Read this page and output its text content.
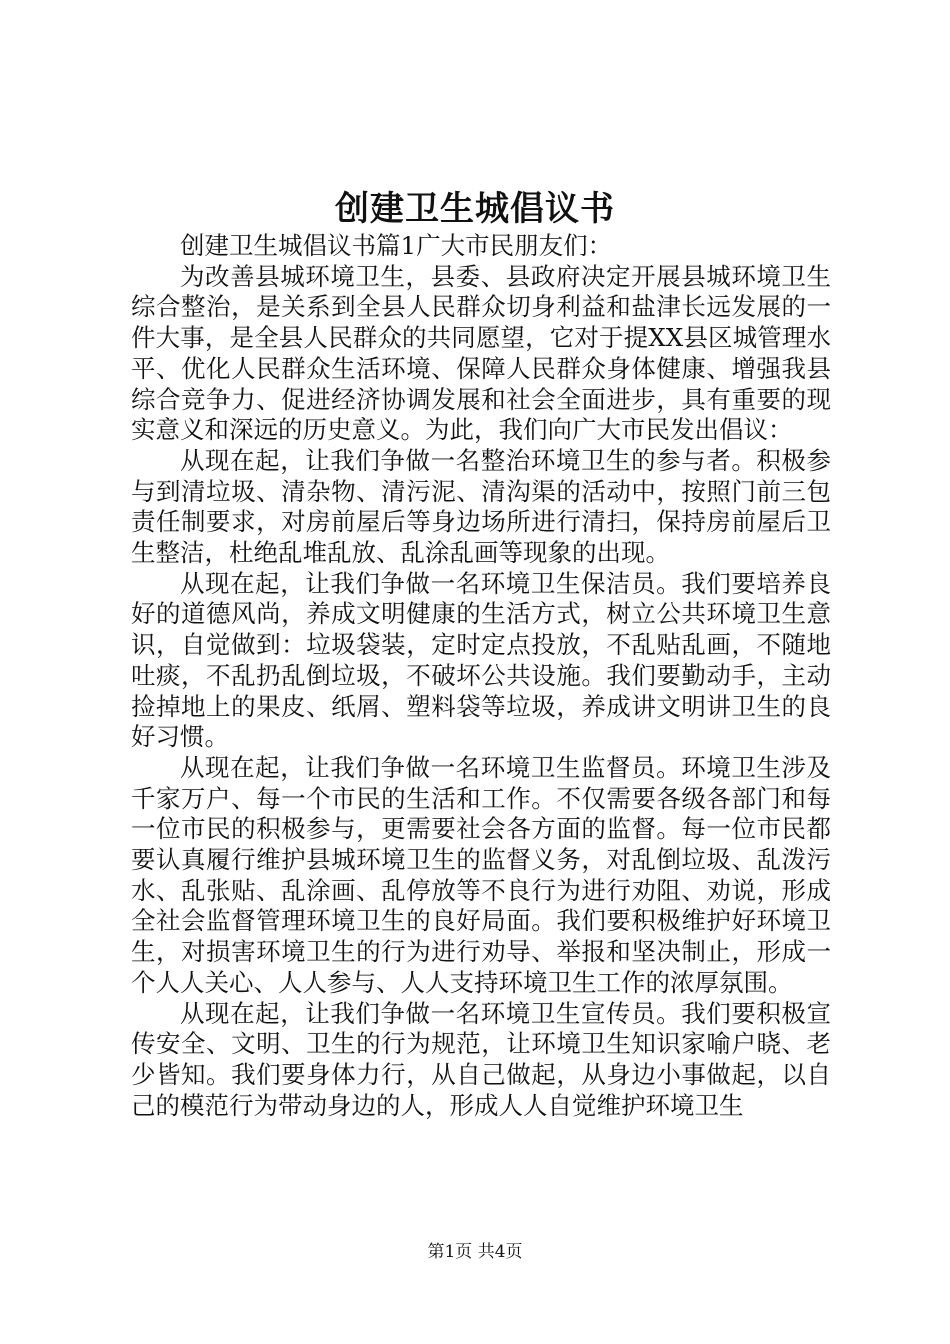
创建卫生城倡议书

创建卫生城倡议书篇1广大市民朋友们：

为改善县城环境卫生，县委、县政府决定开展县城环境卫生综合整治，是关系到全县人民群众切身利益和盐津长远发展的一件大事，是全县人民群众的共同愿望，它对于提XX县区城管理水平、优化人民群众生活环境、保障人民群众身体健康、增强我县综合竞争力、促进经济协调发展和社会全面进步，具有重要的现实意义和深远的历史意义。为此，我们向广大市民发出倡议：

从现在起，让我们争做一名整治环境卫生的参与者。积极参与到清垃圾、清杂物、清污泥、清沟渠的活动中，按照门前三包责任制要求，对房前屋后等身边场所进行清扫，保持房前屋后卫生整洁，杜绝乱堆乱放、乱涂乱画等现象的出现。

从现在起，让我们争做一名环境卫生保洁员。我们要培养良好的道德风尚，养成文明健康的生活方式，树立公共环境卫生意识，自觉做到：垃圾袋装，定时定点投放，不乱贴乱画，不随地吐痰，不乱扔乱倒垃圾，不破坏公共设施。我们要勤动手，主动捡掉地上的果皮、纸屑、塑料袋等垃圾，养成讲文明讲卫生的良好习惯。

从现在起，让我们争做一名环境卫生监督员。环境卫生涉及千家万户、每一个市民的生活和工作。不仅需要各级各部门和每一位市民的积极参与，更需要社会各方面的监督。每一位市民都要认真履行维护县城环境卫生的监督义务，对乱倒垃圾、乱泼污水、乱张贴、乱涂画、乱停放等不良行为进行劝阻、劝说，形成全社会监督管理环境卫生的良好局面。我们要积极维护好环境卫生，对损害环境卫生的行为进行劝导、举报和坚决制止，形成一个人人关心、人人参与、人人支持环境卫生工作的浓厚氛围。

从现在起，让我们争做一名环境卫生宣传员。我们要积极宣传安全、文明、卫生的行为规范，让环境卫生知识家喻户晓、老少皆知。我们要身体力行，从自己做起，从身边小事做起，以自己的模范行为带动身边的人，形成人人自觉维护环境卫生

第1页 共4页
